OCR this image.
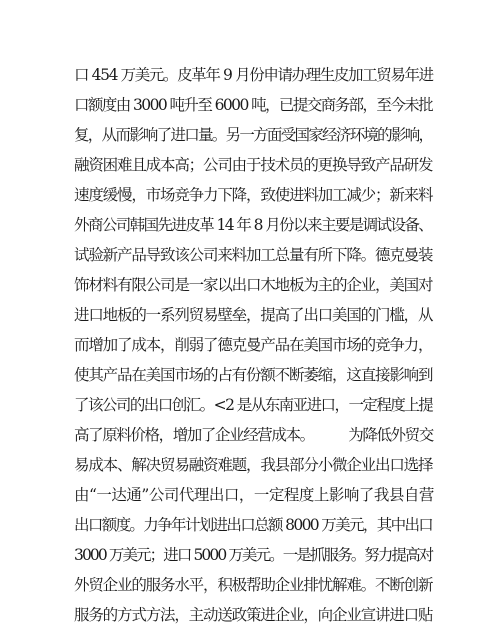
口 454 万美元。皮革年 9 月份申请办理生皮加工贸易年进
口额度由 3000 吨升至 6000 吨，已提交商务部，至今未批
复，从而影响了进口量。另一方面受国家经济环境的影响，
融资困难且成本高；公司由于技术员的更换导致产品研发
速度缓慢，市场竞争力下降，致使进料加工减少；新来料
外商公司韩国先进皮革 14 年 8 月份以来主要是调试设备、
试验新产品导致该公司来料加工总量有所下降。德克曼装
饰材料有限公司是一家以出口木地板为主的企业，美国对
进口地板的一系列贸易壁垒，提高了出口美国的门槛，从
而增加了成本，削弱了德克曼产品在美国市场的竞争力，
使其产品在美国市场的占有份额不断萎缩，这直接影响到
了该公司的出口创汇。<2 是从东南亚进口，一定程度上提
高了原料价格，增加了企业经营成本。　　　为降低外贸交
易成本、解决贸易融资难题，我县部分小微企业出口选择
由“一达通”公司代理出口，一定程度上影响了我县自营
出口额度。力争年计划进出口总额 8000 万美元，其中出口
3000 万美元；进口 5000 万美元。一是抓服务。努力提高对
外贸企业的服务水平，积极帮助企业排忧解难。不断创新
服务的方式方法，主动送政策进企业，向企业宣讲进口贴
